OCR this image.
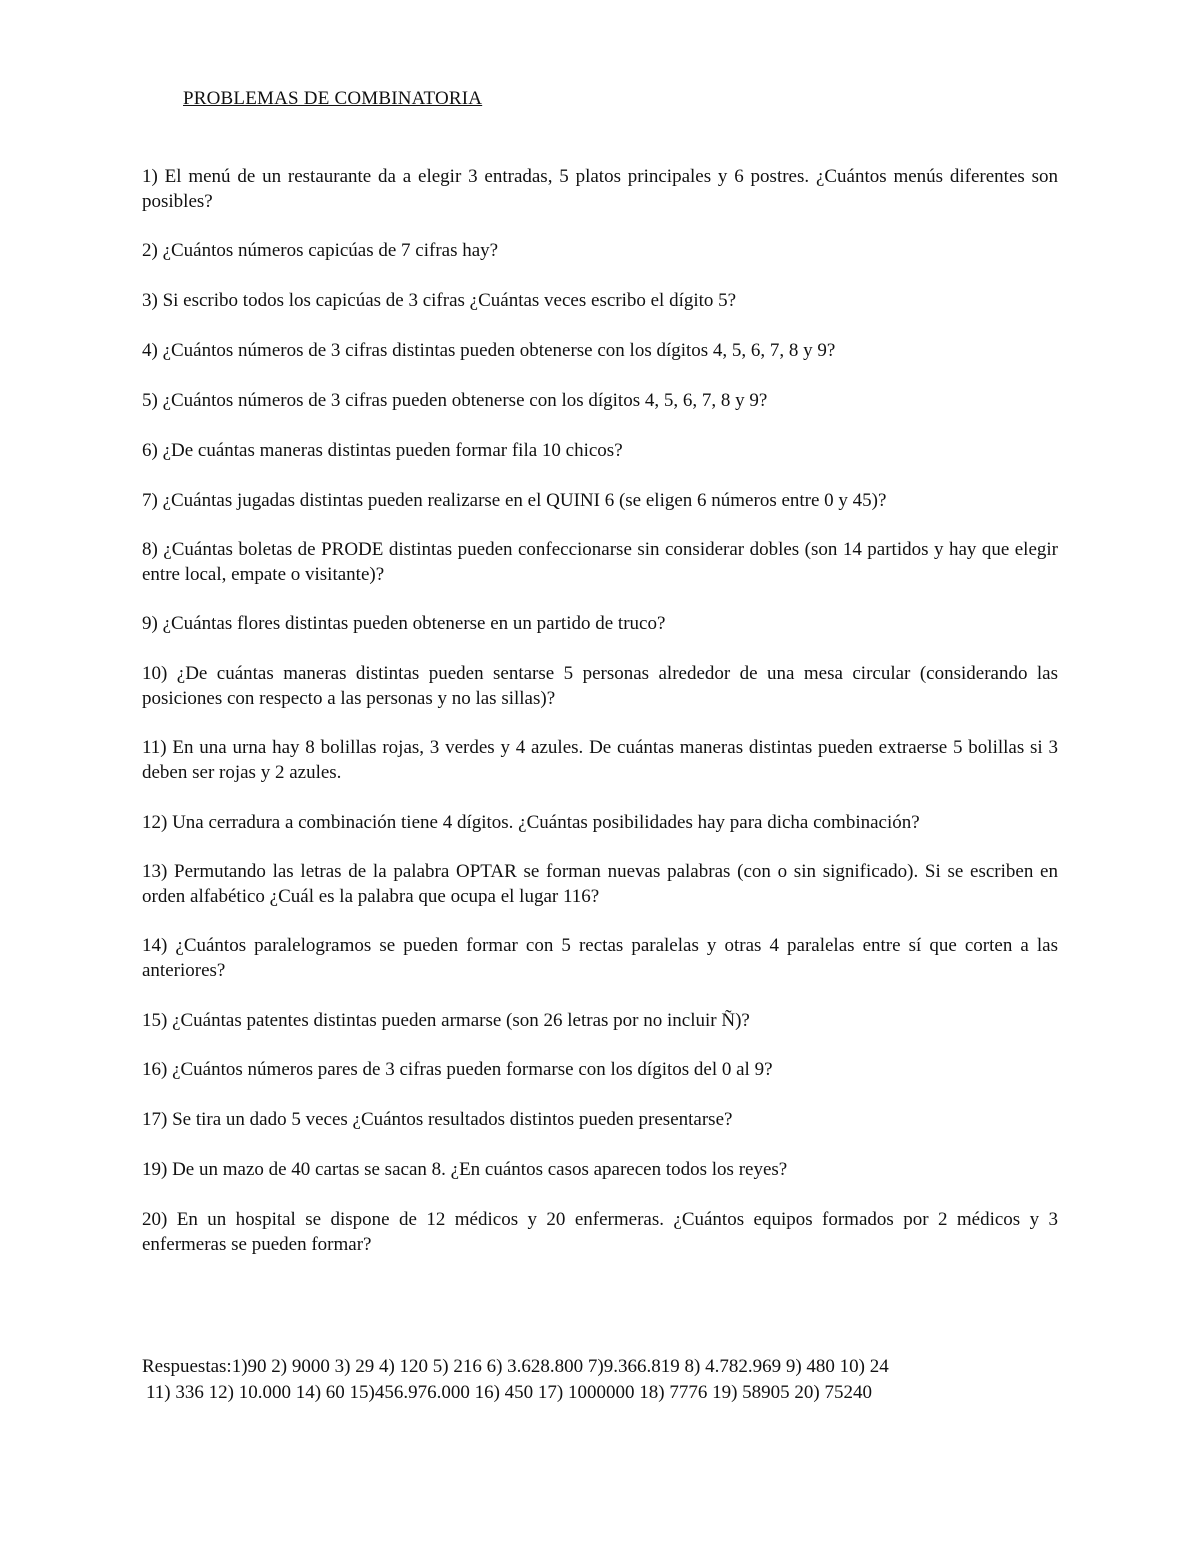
PROBLEMAS DE COMBINATORIA
1) El menú de un restaurante da a elegir 3 entradas, 5 platos principales y 6 postres. ¿Cuántos menús diferentes son posibles?
2) ¿Cuántos números capicúas de 7 cifras hay?
3) Si escribo todos los capicúas de 3 cifras ¿Cuántas veces escribo el dígito 5?
4) ¿Cuántos números de 3 cifras distintas pueden obtenerse con los dígitos 4, 5, 6, 7, 8 y 9?
5) ¿Cuántos números de 3 cifras pueden obtenerse con los dígitos 4, 5, 6, 7, 8 y 9?
6) ¿De cuántas maneras distintas pueden formar fila 10 chicos?
7) ¿Cuántas jugadas distintas pueden realizarse en el QUINI 6 (se eligen 6 números entre 0 y 45)?
8) ¿Cuántas boletas de PRODE distintas pueden confeccionarse sin considerar dobles (son 14 partidos y hay que elegir entre local, empate o visitante)?
9) ¿Cuántas flores distintas pueden obtenerse en un partido de truco?
10) ¿De cuántas maneras distintas pueden sentarse 5 personas alrededor de una mesa circular (considerando las posiciones con respecto a las personas y no las sillas)?
11) En una urna hay 8 bolillas rojas, 3 verdes y 4 azules. De cuántas maneras distintas pueden extraerse 5 bolillas si 3 deben ser rojas y 2 azules.
12) Una cerradura a combinación tiene 4 dígitos. ¿Cuántas posibilidades hay para dicha combinación?
13) Permutando las letras de la palabra OPTAR se forman nuevas palabras (con o sin significado). Si se escriben en orden alfabético ¿Cuál es la palabra que ocupa el lugar 116?
14) ¿Cuántos paralelogramos se pueden formar con 5 rectas paralelas y otras 4 paralelas entre sí que corten a las anteriores?
15) ¿Cuántas patentes distintas pueden armarse (son 26 letras por no incluir Ñ)?
16) ¿Cuántos números pares de 3 cifras pueden formarse con los dígitos del 0 al 9?
17) Se tira un dado 5 veces ¿Cuántos resultados distintos pueden presentarse?
19) De un mazo de 40 cartas se sacan 8. ¿En cuántos casos aparecen todos los reyes?
20) En un hospital se dispone de 12 médicos y 20 enfermeras. ¿Cuántos equipos formados por 2 médicos y 3 enfermeras se pueden formar?
Respuestas:1)90 2) 9000 3) 29 4) 120 5) 216 6) 3.628.800 7)9.366.819 8) 4.782.969 9) 480 10) 24
11) 336 12) 10.000 14) 60 15)456.976.000 16) 450 17) 1000000 18) 7776 19) 58905 20) 75240
